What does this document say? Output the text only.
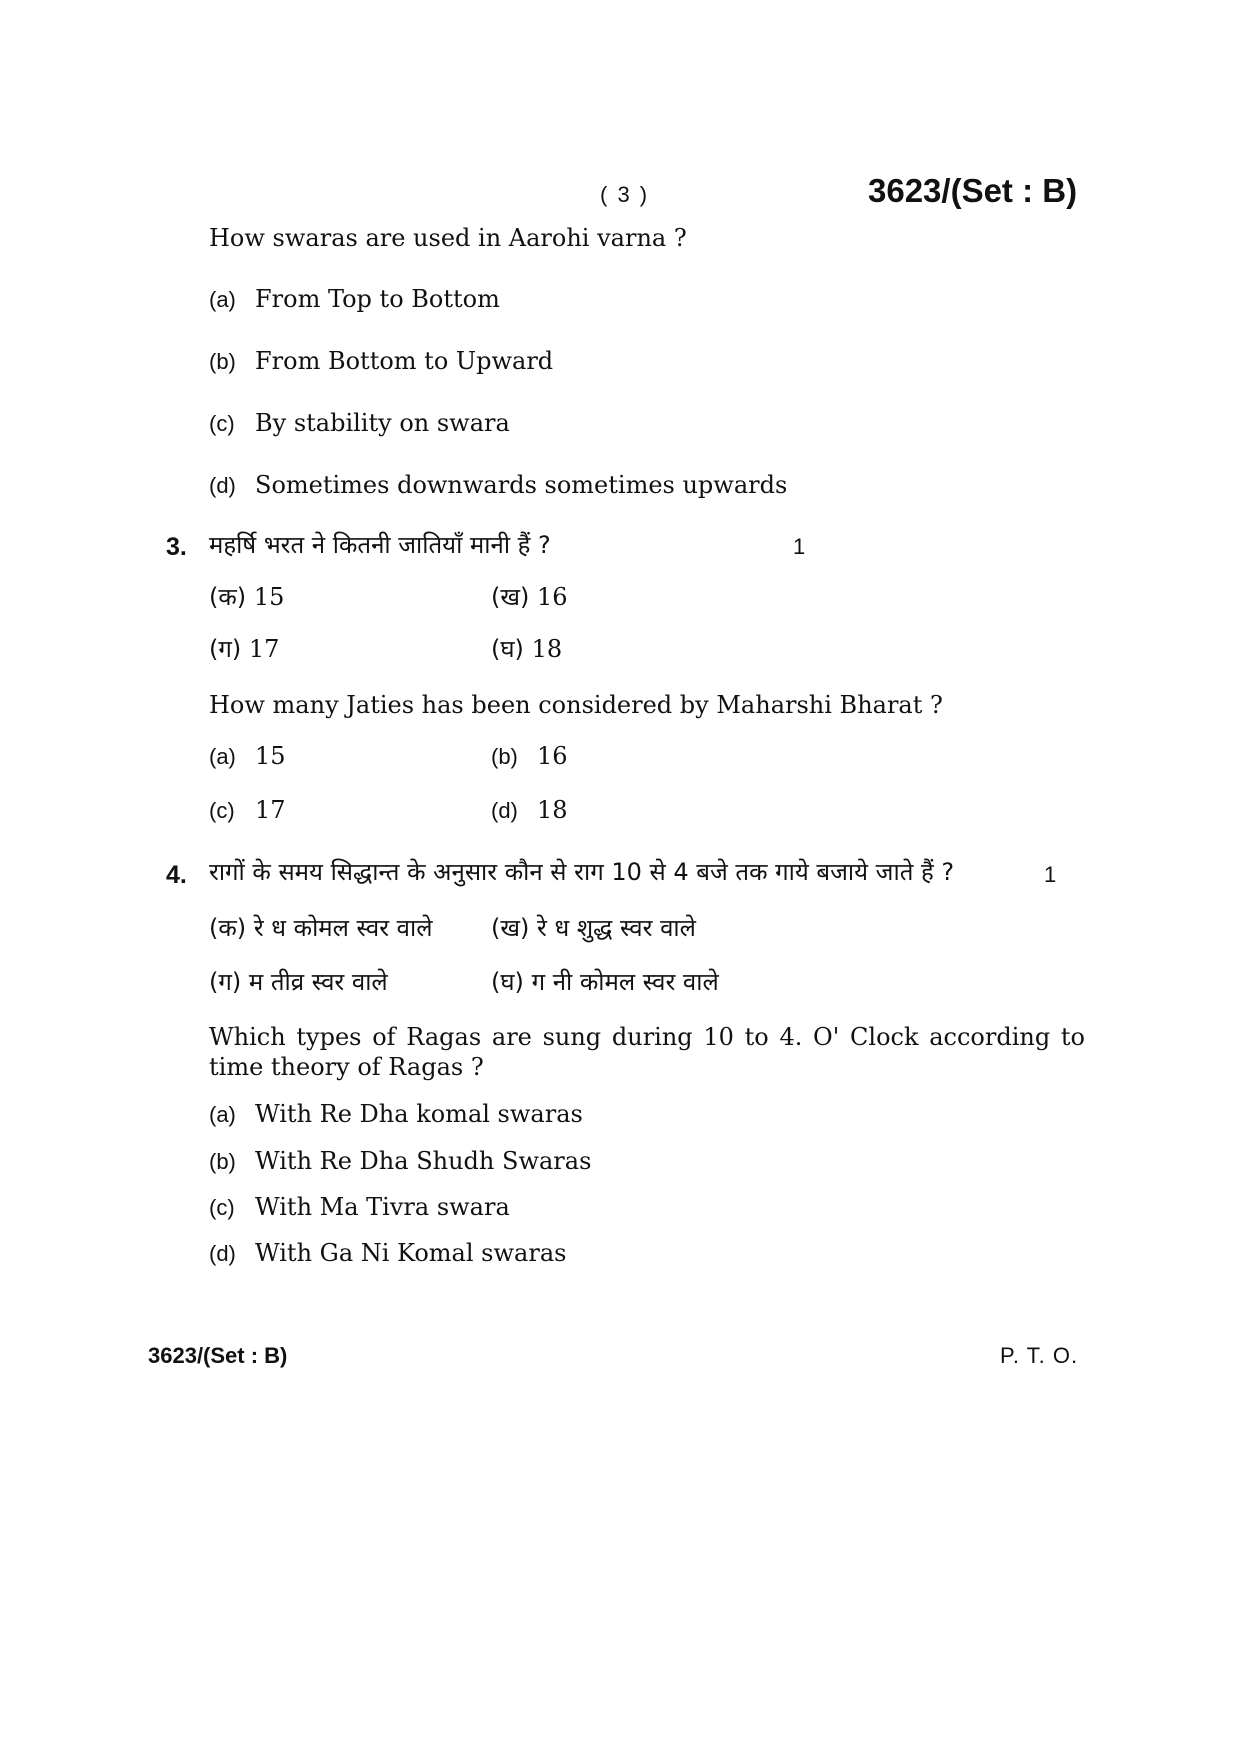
( 3 )	3623/(Set : B)
How swaras are used in Aarohi varna ?
(a) From Top to Bottom
(b) From Bottom to Upward
(c) By stability on swara
(d) Sometimes downwards sometimes upwards
3. महर्षि भरत ने कितनी जातियाँ मानी हैं ?	1
(क) 15	(ख) 16
(ग) 17	(घ) 18
How many Jaties has been considered by Maharshi Bharat ?
(a) 15	(b) 16
(c) 17	(d) 18
4. रागों के समय सिद्धान्त के अनुसार कौन से राग 10 से 4 बजे तक गाये बजाये जाते हैं ?	1
(क) रे ध कोमल स्वर वाले (ख) रे ध शुद्ध स्वर वाले
(ग) म तीव्र स्वर वाले	(घ) ग नी कोमल स्वर वाले
Which types of Ragas are sung during 10 to 4. O' Clock according to time theory of Ragas ?
(a) With Re Dha komal swaras
(b) With Re Dha Shudh Swaras
(c) With Ma Tivra swara
(d) With Ga Ni Komal swaras
3623/(Set : B)	P. T. O.
